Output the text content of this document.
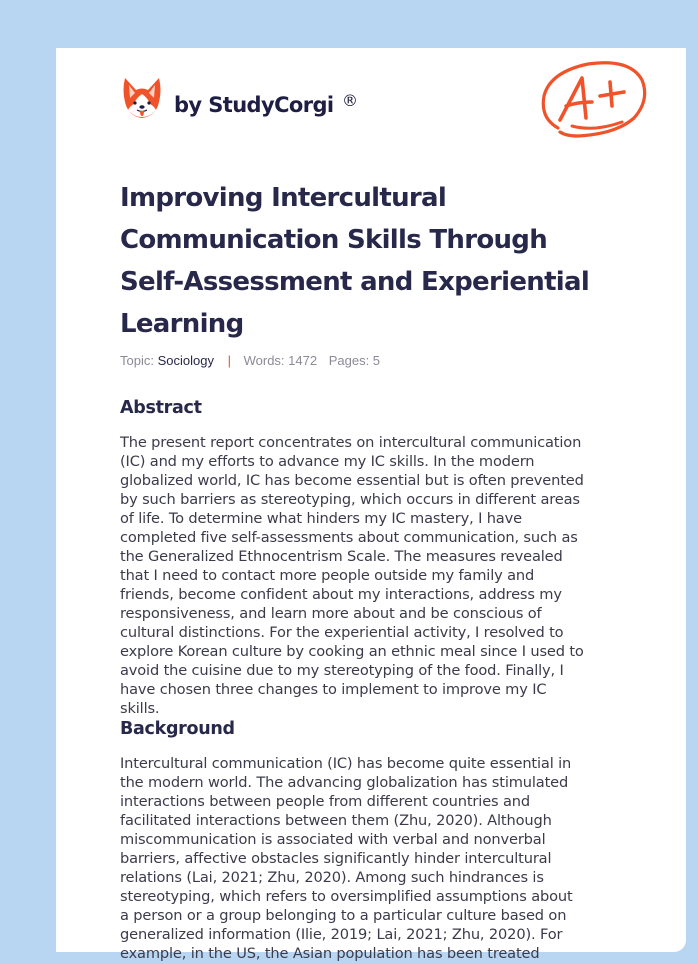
by StudyCorgi ®
Improving Intercultural
Communication Skills Through
Self-Assessment and Experiential
Learning
Topic: Sociology | Words: 1472 Pages: 5
Abstract

The present report concentrates on intercultural communication
(IC) and my efforts to advance my IC skills. In the modern
globalized world, IC has become essential but is often prevented
by such barriers as stereotyping, which occurs in different areas
of life. To determine what hinders my IC mastery, I have
completed five self-assessments about communication, such as
the Generalized Ethnocentrism Scale. The measures revealed
that I need to contact more people outside my family and
friends, become confident about my interactions, address my
responsiveness, and learn more about and be conscious of
cultural distinctions. For the experiential activity, I resolved to
explore Korean culture by cooking an ethnic meal since I used to
avoid the cuisine due to my stereotyping of the food. Finally, I
have chosen three changes to implement to improve my IC
skills.

Background

Intercultural communication (IC) has become quite essential in
the modern world. The advancing globalization has stimulated
interactions between people from different countries and
facilitated interactions between them (Zhu, 2020). Although
miscommunication is associated with verbal and nonverbal
barriers, affective obstacles significantly hinder intercultural
relations (Lai, 2021; Zhu, 2020). Among such hindrances is
stereotyping, which refers to oversimplified assumptions about
a person or a group belonging to a particular culture based on
generalized information (Ilie, 2019; Lai, 2021; Zhu, 2020). For
example, in the US, the Asian population has been treated
